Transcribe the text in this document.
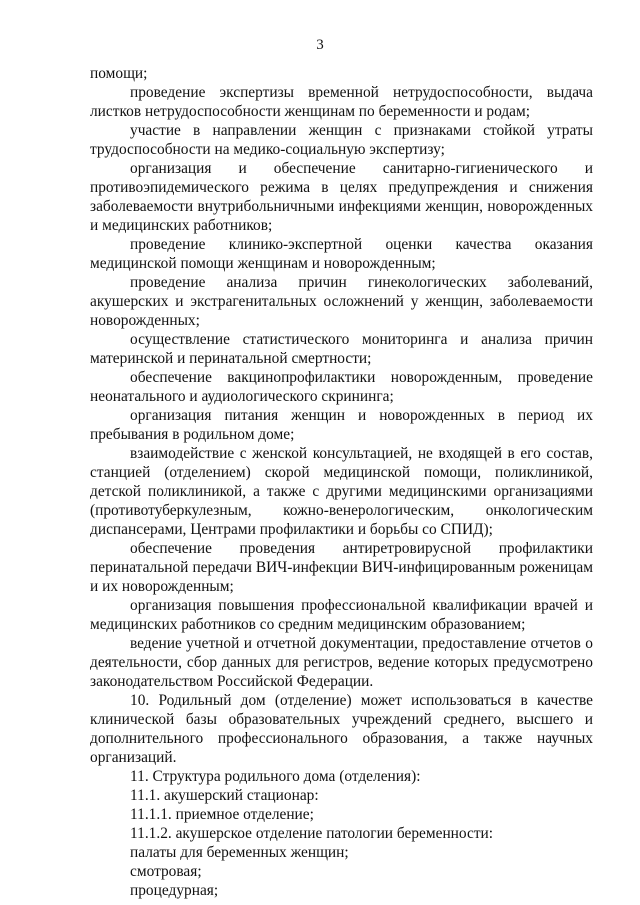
3

помощи;

проведение экспертизы временной нетрудоспособности, выдача листков нетрудоспособности женщинам по беременности и родам;

участие в направлении женщин с признаками стойкой утраты трудоспособности на медико-социальную экспертизу;

организация и обеспечение санитарно-гигиенического и противоэпидемического режима в целях предупреждения и снижения заболеваемости внутрибольничными инфекциями женщин, новорожденных и медицинских работников;

проведение клинико-экспертной оценки качества оказания медицинской помощи женщинам и новорожденным;

проведение анализа причин гинекологических заболеваний, акушерских и экстрагенитальных осложнений у женщин, заболеваемости новорожденных;

осуществление статистического мониторинга и анализа причин материнской и перинатальной смертности;

обеспечение вакцинопрофилактики новорожденным, проведение неонатального и аудиологического скрининга;

организация питания женщин и новорожденных в период их пребывания в родильном доме;

взаимодействие с женской консультацией, не входящей в его состав, станцией (отделением) скорой медицинской помощи, поликлиникой, детской поликлиникой, а также с другими медицинскими организациями (противотуберкулезным, кожно-венерологическим, онкологическим диспансерами, Центрами профилактики и борьбы со СПИД);

обеспечение проведения антиретровирусной профилактики перинатальной передачи ВИЧ-инфекции ВИЧ-инфицированным роженицам и их новорожденным;

организация повышения профессиональной квалификации врачей и медицинских работников со средним медицинским образованием;

ведение учетной и отчетной документации, предоставление отчетов о деятельности, сбор данных для регистров, ведение которых предусмотрено законодательством Российской Федерации.

10. Родильный дом (отделение) может использоваться в качестве клинической базы образовательных учреждений среднего, высшего и дополнительного профессионального образования, а также научных организаций.

11. Структура родильного дома (отделения):

11.1. акушерский стационар:

11.1.1. приемное отделение;

11.1.2. акушерское отделение патологии беременности:

палаты для беременных женщин;

смотровая;

процедурная;
